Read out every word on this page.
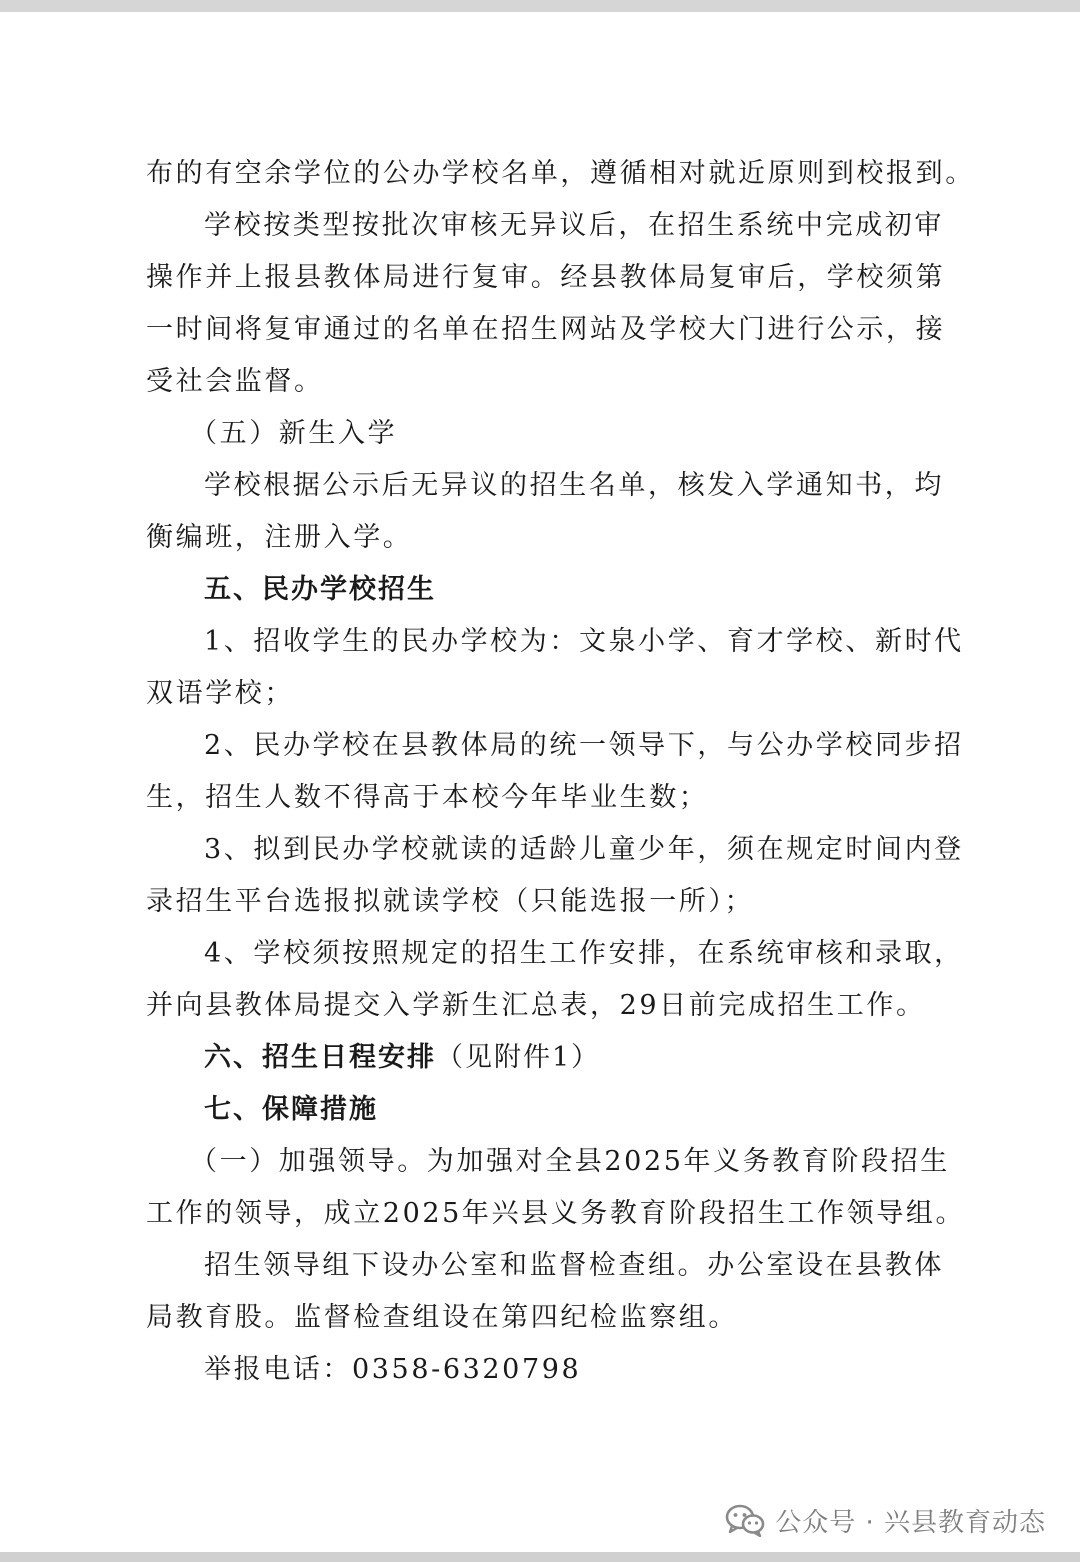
布的有空余学位的公办学校名单，遵循相对就近原则到校报到。
学校按类型按批次审核无异议后，在招生系统中完成初审
操作并上报县教体局进行复审。经县教体局复审后，学校须第
一时间将复审通过的名单在招生网站及学校大门进行公示，接
受社会监督。
（五）新生入学
学校根据公示后无异议的招生名单，核发入学通知书，均
衡编班，注册入学。
五、民办学校招生
1、招收学生的民办学校为：文泉小学、育才学校、新时代
双语学校；
2、民办学校在县教体局的统一领导下，与公办学校同步招
生，招生人数不得高于本校今年毕业生数；
3、拟到民办学校就读的适龄儿童少年，须在规定时间内登
录招生平台选报拟就读学校（只能选报一所）；
4、学校须按照规定的招生工作安排，在系统审核和录取，
并向县教体局提交入学新生汇总表，29日前完成招生工作。
六、招生日程安排（见附件1）
七、保障措施
（一）加强领导。为加强对全县2025年义务教育阶段招生
工作的领导，成立2025年兴县义务教育阶段招生工作领导组。
招生领导组下设办公室和监督检查组。办公室设在县教体
局教育股。监督检查组设在第四纪检监察组。
举报电话：0358-6320798
公众号 · 兴县教育动态
